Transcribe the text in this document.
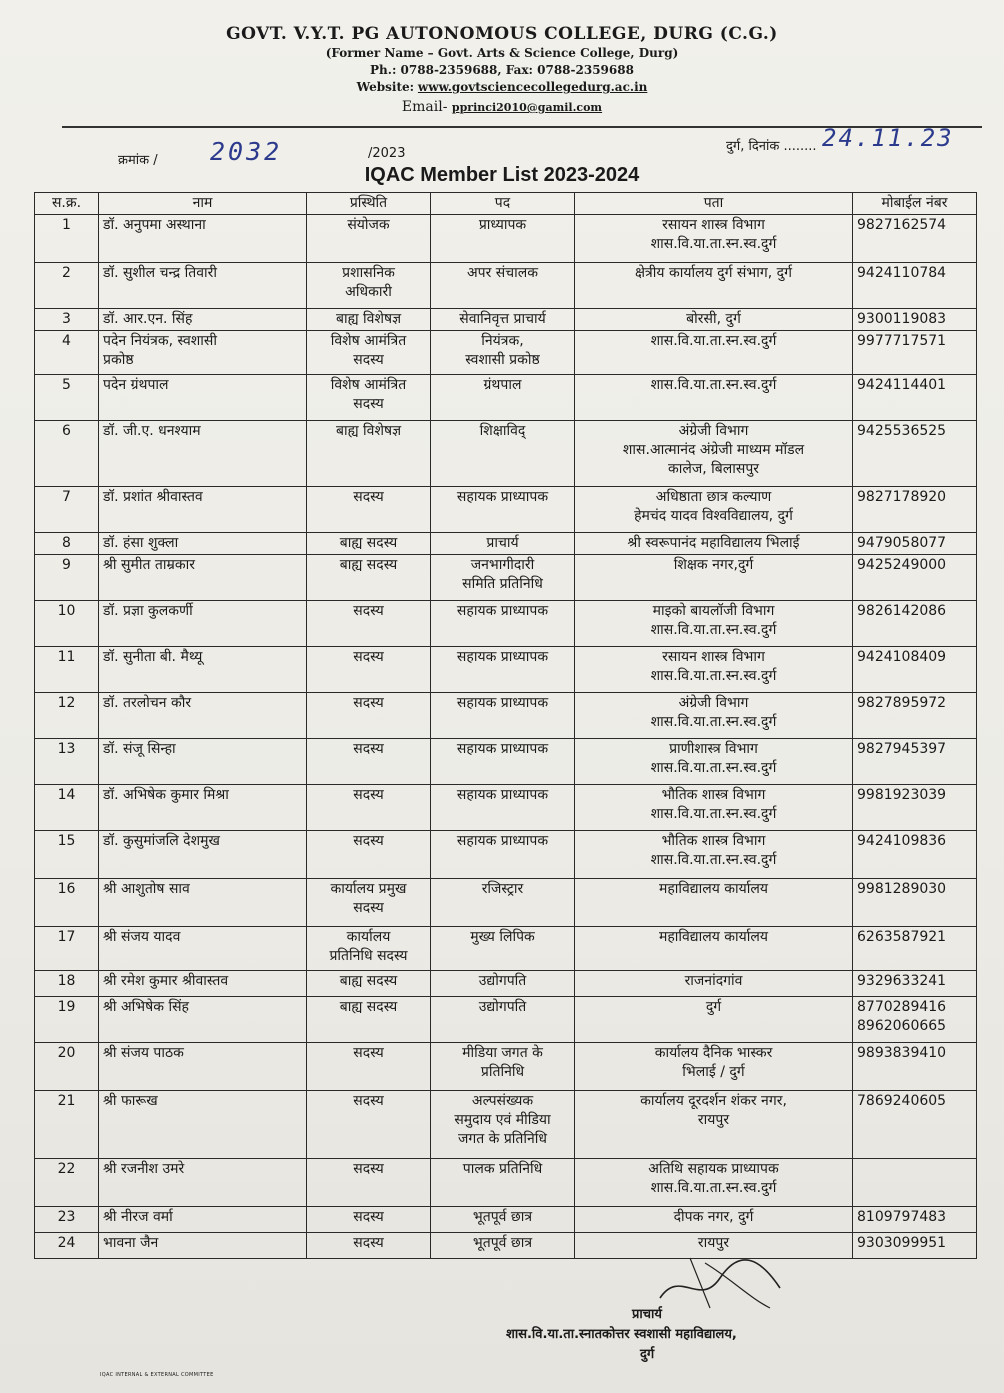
GOVT. V.Y.T. PG AUTONOMOUS COLLEGE, DURG (C.G.)
(Former Name – Govt. Arts & Science College, Durg)
Ph.: 0788-2359688, Fax: 0788-2359688
Website: www.govtsciencecollegedurg.ac.in
Email- pprinci2010@gamil.com
क्रमांक / 2032	/2023	दुर्ग, दिनांक ........ 24.11.23
IQAC Member List 2023-2024
स.क्र.	नाम	प्रस्थिति	पद	पता	मोबाईल नंबर
1	डॉ. अनुपमा अस्थाना	संयोजक	प्राध्यापक	रसायन शास्त्र विभाग
शास.वि.या.ता.स्न.स्व.दुर्ग	9827162574
2	डॉ. सुशील चन्द्र तिवारी	प्रशासनिक
अधिकारी	अपर संचालक	क्षेत्रीय कार्यालय दुर्ग संभाग, दुर्ग	9424110784
3	डॉ. आर.एन. सिंह	बाह्य विशेषज्ञ	सेवानिवृत्त प्राचार्य	बोरसी, दुर्ग	9300119083
4	पदेन नियंत्रक, स्वशासी
प्रकोष्ठ	विशेष आमंत्रित
सदस्य	नियंत्रक,
स्वशासी प्रकोष्ठ	शास.वि.या.ता.स्न.स्व.दुर्ग	9977717571
5	पदेन ग्रंथपाल	विशेष आमंत्रित
सदस्य	ग्रंथपाल	शास.वि.या.ता.स्न.स्व.दुर्ग	9424114401
6	डॉ. जी.ए. धनश्याम	बाह्य विशेषज्ञ	शिक्षाविद्	अंग्रेजी विभाग
शास.आत्मानंद अंग्रेजी माध्यम मॉडल
कालेज, बिलासपुर	9425536525
7	डॉ. प्रशांत श्रीवास्तव	सदस्य	सहायक प्राध्यापक	अधिष्ठाता छात्र कल्याण
हेमचंद यादव विश्वविद्यालय, दुर्ग	9827178920
8	डॉ. हंसा शुक्ला	बाह्य सदस्य	प्राचार्य	श्री स्वरूपानंद महाविद्यालय भिलाई	9479058077
9	श्री सुमीत ताम्रकार	बाह्य सदस्य	जनभागीदारी
समिति प्रतिनिधि	शिक्षक नगर,दुर्ग	9425249000
10	डॉ. प्रज्ञा कुलकर्णी	सदस्य	सहायक प्राध्यापक	माइको बायलॉजी विभाग
शास.वि.या.ता.स्न.स्व.दुर्ग	9826142086
11	डॉ. सुनीता बी. मैथ्यू	सदस्य	सहायक प्राध्यापक	रसायन शास्त्र विभाग
शास.वि.या.ता.स्न.स्व.दुर्ग	9424108409
12	डॉ. तरलोचन कौर	सदस्य	सहायक प्राध्यापक	अंग्रेजी विभाग
शास.वि.या.ता.स्न.स्व.दुर्ग	9827895972
13	डॉ. संजू सिन्हा	सदस्य	सहायक प्राध्यापक	प्राणीशास्त्र विभाग
शास.वि.या.ता.स्न.स्व.दुर्ग	9827945397
14	डॉ. अभिषेक कुमार मिश्रा	सदस्य	सहायक प्राध्यापक	भौतिक शास्त्र विभाग
शास.वि.या.ता.स्न.स्व.दुर्ग	9981923039
15	डॉ. कुसुमांजलि देशमुख	सदस्य	सहायक प्राध्यापक	भौतिक शास्त्र विभाग
शास.वि.या.ता.स्न.स्व.दुर्ग	9424109836
16	श्री आशुतोष साव	कार्यालय प्रमुख
सदस्य	रजिस्ट्रार	महाविद्यालय कार्यालय	9981289030
17	श्री संजय यादव	कार्यालय
प्रतिनिधि सदस्य	मुख्य लिपिक	महाविद्यालय कार्यालय	6263587921
18	श्री रमेश कुमार श्रीवास्तव	बाह्य सदस्य	उद्योगपति	राजनांदगांव	9329633241
19	श्री अभिषेक सिंह	बाह्य सदस्य	उद्योगपति	दुर्ग	8770289416
8962060665
20	श्री संजय पाठक	सदस्य	मीडिया जगत के
प्रतिनिधि	कार्यालय दैनिक भास्कर
भिलाई / दुर्ग	9893839410
21	श्री फारूख	सदस्य	अल्पसंख्यक
समुदाय एवं मीडिया
जगत के प्रतिनिधि	कार्यालय दूरदर्शन शंकर नगर,
रायपुर	7869240605
22	श्री रजनीश उमरे	सदस्य	पालक प्रतिनिधि	अतिथि सहायक प्राध्यापक
शास.वि.या.ता.स्न.स्व.दुर्ग	
23	श्री नीरज वर्मा	सदस्य	भूतपूर्व छात्र	दीपक नगर, दुर्ग	8109797483
24	भावना जैन	सदस्य	भूतपूर्व छात्र	रायपुर	9303099951
प्राचार्य
शास.वि.या.ता.स्नातकोत्तर स्वशासी महाविद्यालय,
दुर्ग
IQAC INTERNAL & EXTERNAL COMMITTEE
